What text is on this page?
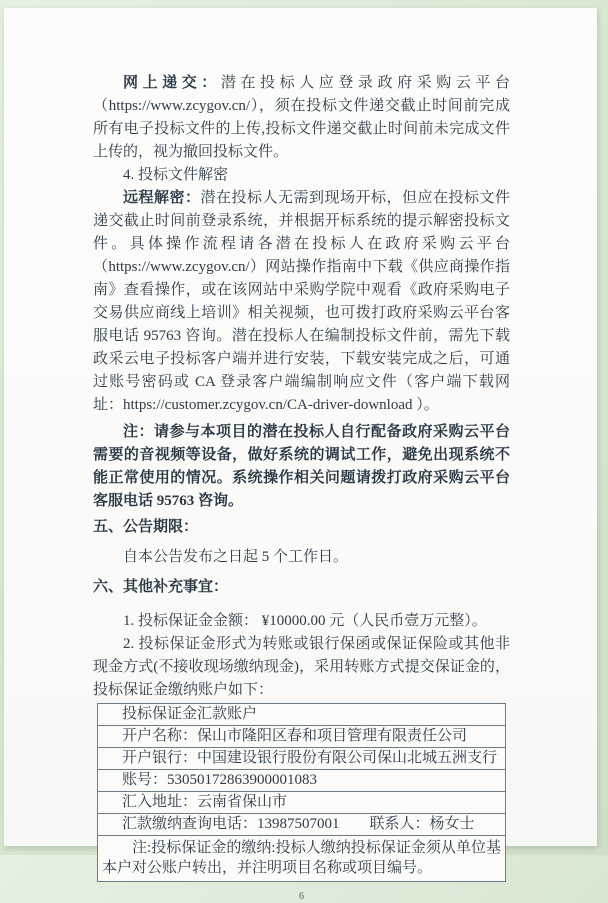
网上递交：潜在投标人应登录政府采购云平台（https://www.zcygov.cn/），须在投标文件递交截止时间前完成所有电子投标文件的上传,投标文件递交截止时间前未完成文件上传的，视为撤回投标文件。

4. 投标文件解密

远程解密：潜在投标人无需到现场开标，但应在投标文件递交截止时间前登录系统，并根据开标系统的提示解密投标文件。具体操作流程请各潜在投标人在政府采购云平台（https://www.zcygov.cn/）网站操作指南中下载《供应商操作指南》查看操作，或在该网站中采购学院中观看《政府采购电子交易供应商线上培训》相关视频，也可拨打政府采购云平台客服电话 95763 咨询。潜在投标人在编制投标文件前，需先下载政采云电子投标客户端并进行安装，下载安装完成之后，可通过账号密码或 CA 登录客户端编制响应文件（客户端下载网址：https://customer.zcygov.cn/CA-driver-download ）。

注：请参与本项目的潜在投标人自行配备政府采购云平台需要的音视频等设备，做好系统的调试工作，避免出现系统不能正常使用的情况。系统操作相关问题请拨打政府采购云平台客服电话 95763 咨询。

五、公告期限：

自本公告发布之日起 5 个工作日。

六、其他补充事宜：

1. 投标保证金金额： ¥10000.00 元（人民币壹万元整）。

2. 投标保证金形式为转账或银行保函或保证保险或其他非现金方式(不接收现场缴纳现金)，采用转账方式提交保证金的，投标保证金缴纳账户如下：

投标保证金汇款账户
开户名称：保山市隆阳区春和项目管理有限责任公司
开户银行：中国建设银行股份有限公司保山北城五洲支行
账号：53050172863900001083
汇入地址：云南省保山市
汇款缴纳查询电话：13987507001　　联系人：杨女士
注:投标保证金的缴纳:投标人缴纳投标保证金须从单位基本户对公账户转出，并注明项目名称或项目编号。
6
